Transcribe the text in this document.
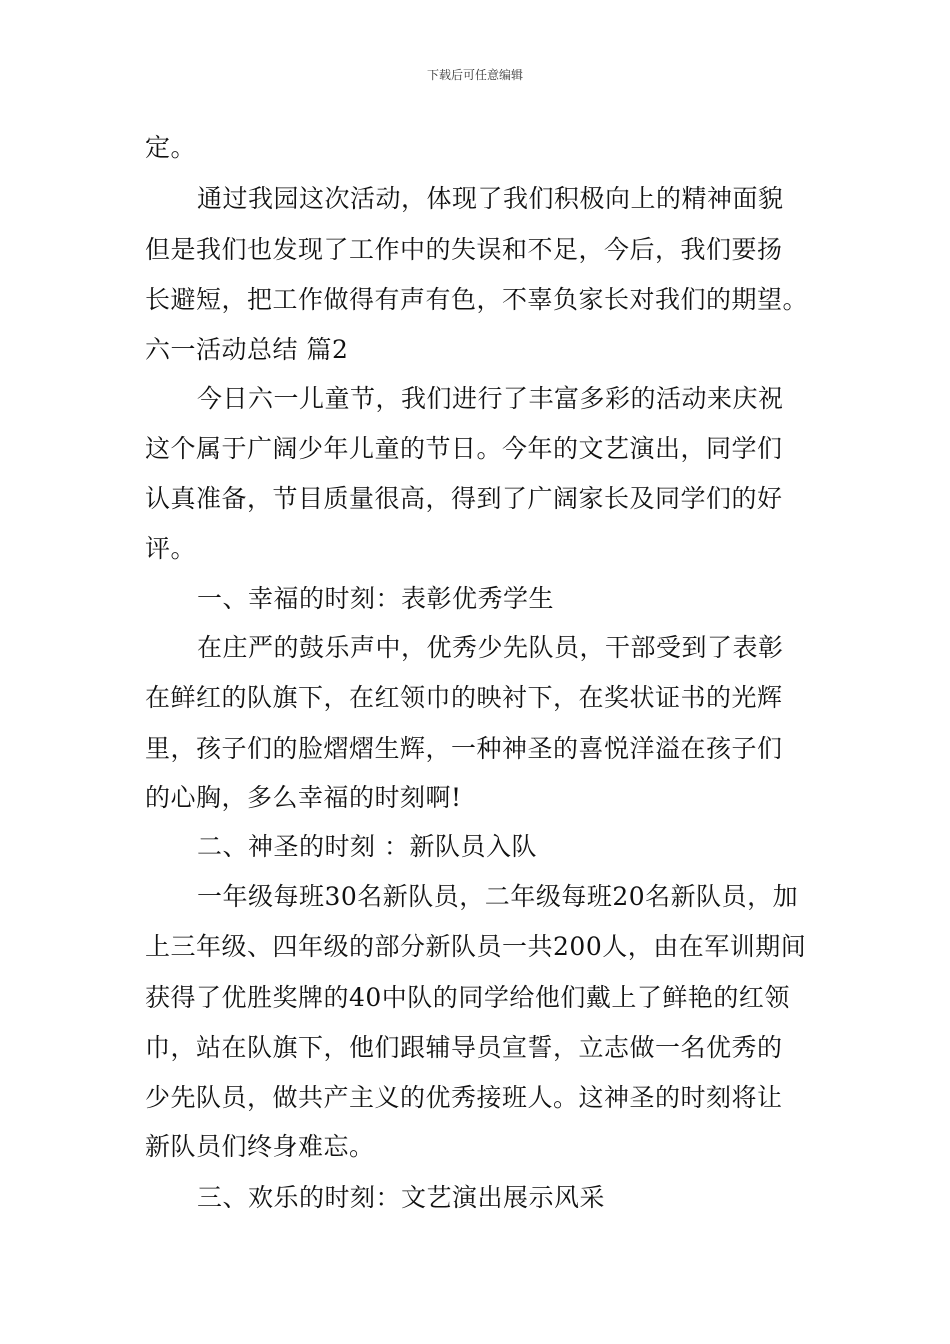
下载后可任意编辑
定。
通过我园这次活动，体现了我们积极向上的精神面貌
但是我们也发现了工作中的失误和不足，今后，我们要扬
长避短，把工作做得有声有色，不辜负家长对我们的期望。
六一活动总结 篇2
今日六一儿童节，我们进行了丰富多彩的活动来庆祝
这个属于广阔少年儿童的节日。今年的文艺演出，同学们
认真准备，节目质量很高，得到了广阔家长及同学们的好
评。
一、幸福的时刻：表彰优秀学生
在庄严的鼓乐声中，优秀少先队员，干部受到了表彰
在鲜红的队旗下，在红领巾的映衬下，在奖状证书的光辉
里，孩子们的脸熠熠生辉，一种神圣的喜悦洋溢在孩子们
的心胸，多么幸福的时刻啊!
二、神圣的时刻 ：新队员入队
一年级每班30名新队员，二年级每班20名新队员，加
上三年级、四年级的部分新队员一共200人，由在军训期间
获得了优胜奖牌的40中队的同学给他们戴上了鲜艳的红领
巾，站在队旗下，他们跟辅导员宣誓，立志做一名优秀的
少先队员，做共产主义的优秀接班人。这神圣的时刻将让
新队员们终身难忘。
三、欢乐的时刻：文艺演出展示风采
